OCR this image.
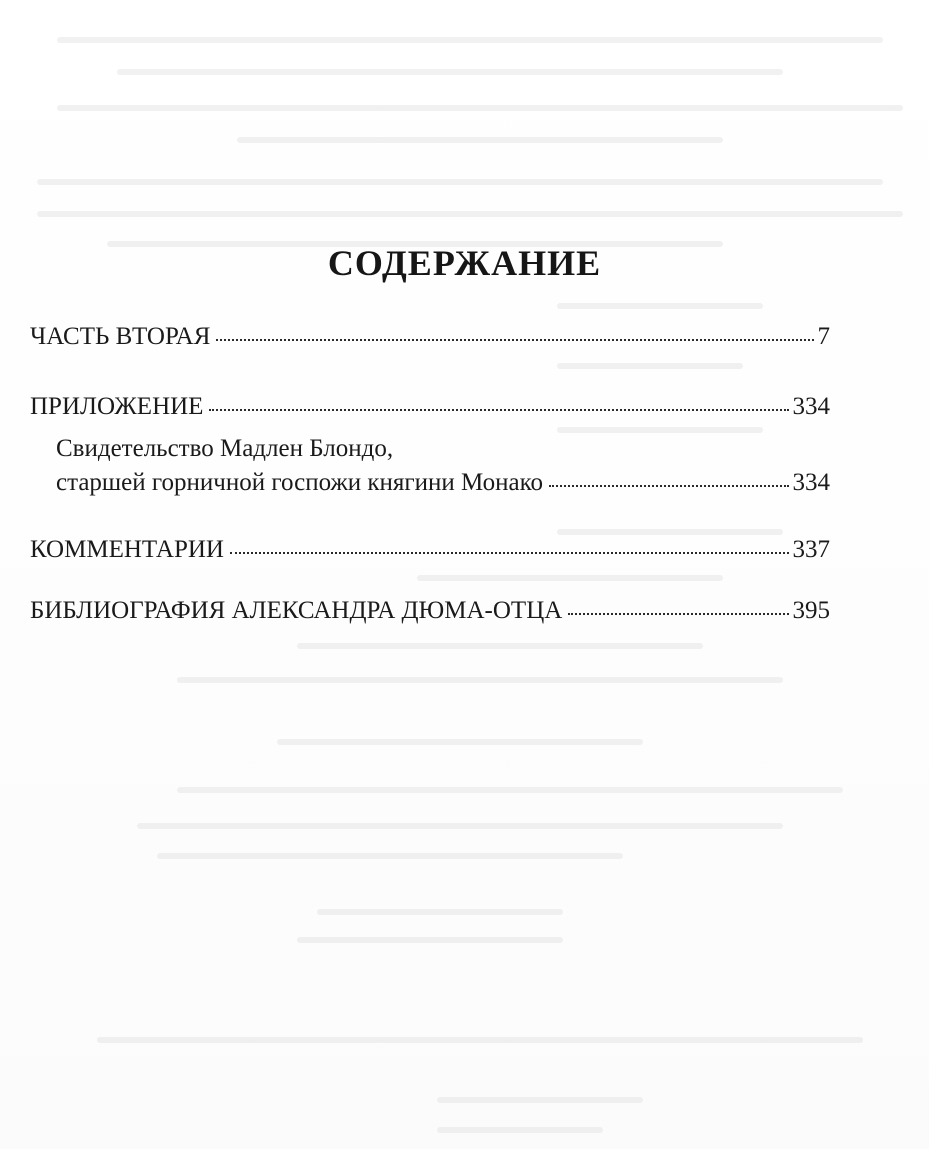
СОДЕРЖАНИЕ
ЧАСТЬ ВТОРАЯ	7
ПРИЛОЖЕНИЕ	334
Свидетельство Мадлен Блондо,
старшей горничной госпожи княгини Монако	334
КОММЕНТАРИИ	337
БИБЛИОГРАФИЯ АЛЕКСАНДРА ДЮМА-ОТЦА	395
